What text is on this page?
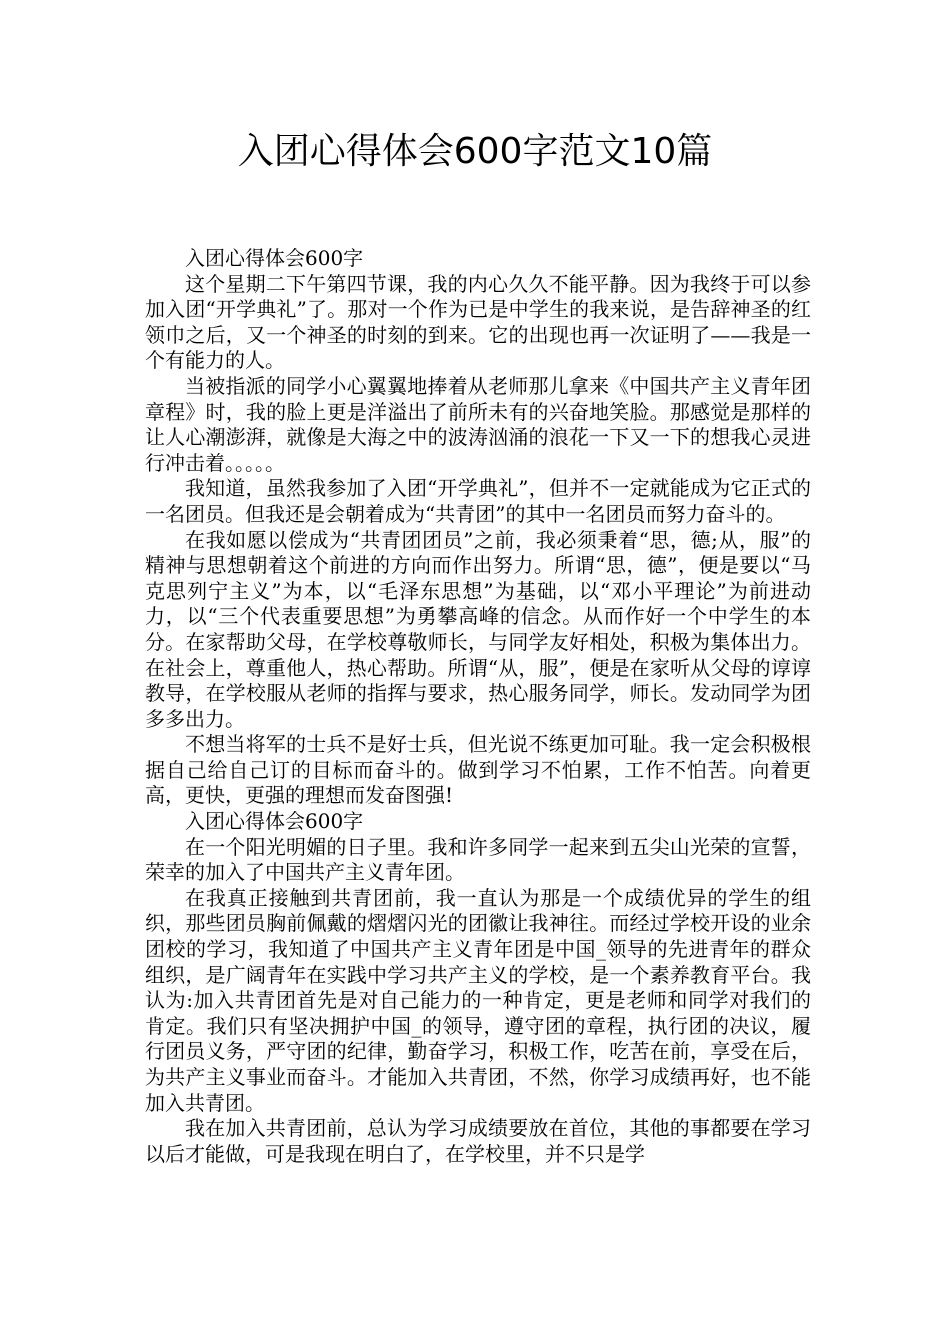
入团心得体会600字范文10篇

入团心得体会600字

这个星期二下午第四节课，我的内心久久不能平静。因为我终于可以参加入团“开学典礼”了。那对一个作为已是中学生的我来说，是告辞神圣的红领巾之后，又一个神圣的时刻的到来。它的出现也再一次证明了——我是一个有能力的人。

当被指派的同学小心翼翼地捧着从老师那儿拿来《中国共产主义青年团章程》时，我的脸上更是洋溢出了前所未有的兴奋地笑脸。那感觉是那样的让人心潮澎湃，就像是大海之中的波涛汹涌的浪花一下又一下的想我心灵进行冲击着。。。。。

我知道，虽然我参加了入团“开学典礼”，但并不一定就能成为它正式的一名团员。但我还是会朝着成为“共青团”的其中一名团员而努力奋斗的。

在我如愿以偿成为“共青团团员”之前，我必须秉着“思，德;从，服”的精神与思想朝着这个前进的方向而作出努力。所谓“思，德”，便是要以“马克思列宁主义”为本，以“毛泽东思想”为基础，以“邓小平理论”为前进动力，以“三个代表重要思想”为勇攀高峰的信念。从而作好一个中学生的本分。在家帮助父母，在学校尊敬师长，与同学友好相处，积极为集体出力。在社会上，尊重他人，热心帮助。所谓“从，服”，便是在家听从父母的谆谆教导，在学校服从老师的指挥与要求，热心服务同学，师长。发动同学为团多多出力。

不想当将军的士兵不是好士兵，但光说不练更加可耻。我一定会积极根据自己给自己订的目标而奋斗的。做到学习不怕累，工作不怕苦。向着更高，更快，更强的理想而发奋图强!

入团心得体会600字

在一个阳光明媚的日子里。我和许多同学一起来到五尖山光荣的宣誓，荣幸的加入了中国共产主义青年团。

在我真正接触到共青团前，我一直认为那是一个成绩优异的学生的组织，那些团员胸前佩戴的熠熠闪光的团徽让我神往。而经过学校开设的业余团校的学习，我知道了中国共产主义青年团是中国_领导的先进青年的群众组织，是广阔青年在实践中学习共产主义的学校，是一个素养教育平台。我认为:加入共青团首先是对自己能力的一种肯定，更是老师和同学对我们的肯定。我们只有坚决拥护中国_的领导，遵守团的章程，执行团的决议，履行团员义务，严守团的纪律，勤奋学习，积极工作，吃苦在前，享受在后，为共产主义事业而奋斗。才能加入共青团，不然，你学习成绩再好，也不能加入共青团。

我在加入共青团前，总认为学习成绩要放在首位，其他的事都要在学习以后才能做，可是我现在明白了，在学校里，并不只是学
